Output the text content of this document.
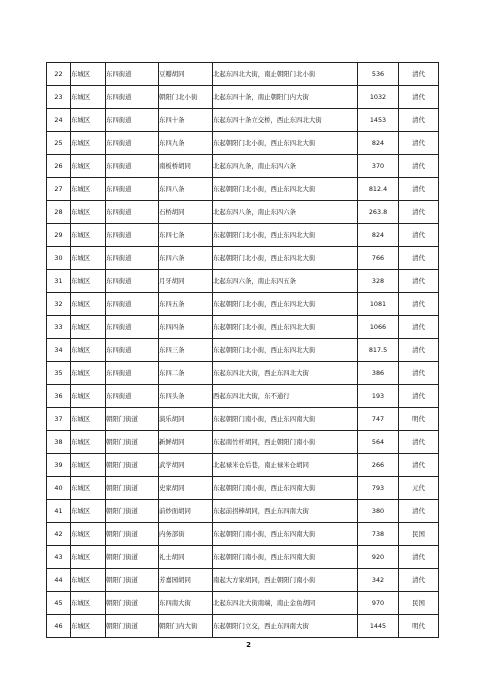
22	东城区	东四街道	豆瓣胡同	北起东四北大街，南止朝阳门北小街	536	清代
23	东城区	东四街道	朝阳门北小街	北起东四十条，南止朝阳门内大街	1032	清代
24	东城区	东四街道	东四十条	东起东四十条立交桥，西止东四北大街	1453	清代
25	东城区	东四街道	东四九条	东起朝阳门北小街，西止东四北大街	824	清代
26	东城区	东四街道	南板桥胡同	北起东四九条，南止东四六条	370	清代
27	东城区	东四街道	东四八条	东起朝阳门北小街，西止东四北大街	812.4	清代
28	东城区	东四街道	石桥胡同	北起东四八条，南止东四六条	263.8	清代
29	东城区	东四街道	东四七条	东起朝阳门北小街，西止东四北大街	824	清代
30	东城区	东四街道	东四六条	东起朝阳门北小街，西止东四北大街	766	清代
31	东城区	东四街道	月牙胡同	北起东四六条，南止东四五条	328	清代
32	东城区	东四街道	东四五条	东起朝阳门北小街，西止东四北大街	1081	清代
33	东城区	东四街道	东四四条	东起朝阳门北小街，西止东四北大街	1066	清代
34	东城区	东四街道	东四三条	东起朝阳门北小街，西止东四北大街	817.5	清代
35	东城区	东四街道	东四二条	东起东四北大街，西止东四北大街	386	清代
36	东城区	东四街道	东四头条	西起东四北大街，东不通行	193	清代
37	东城区	朝阳门街道	演乐胡同	东起朝阳门南小街，西止东四南大街	747	明代
38	东城区	朝阳门街道	新鲜胡同	东起南竹杆胡同，西止朝阳门南小街	564	清代
39	东城区	朝阳门街道	武学胡同	北起禄米仓后巷，南止禄米仓胡同	266	清代
40	东城区	朝阳门街道	史家胡同	东起朝阳门南小街，西止东四南大街	793	元代
41	东城区	朝阳门街道	前炒面胡同	东起前拐棒胡同，西止东四南大街	380	清代
42	东城区	朝阳门街道	内务部街	东起朝阳门南小街，西止东四南大街	738	民国
43	东城区	朝阳门街道	礼士胡同	东起朝阳门南小街，西止东四南大街	920	清代
44	东城区	朝阳门街道	芳嘉园胡同	南起大方家胡同，西止朝阳门南小街	342	清代
45	东城区	朝阳门街道	东四南大街	北起东四北大街南端，南止金鱼胡同	970	民国
46	东城区	朝阳门街道	朝阳门内大街	东起朝阳门立交，西止东四南大街	1445	明代
2
